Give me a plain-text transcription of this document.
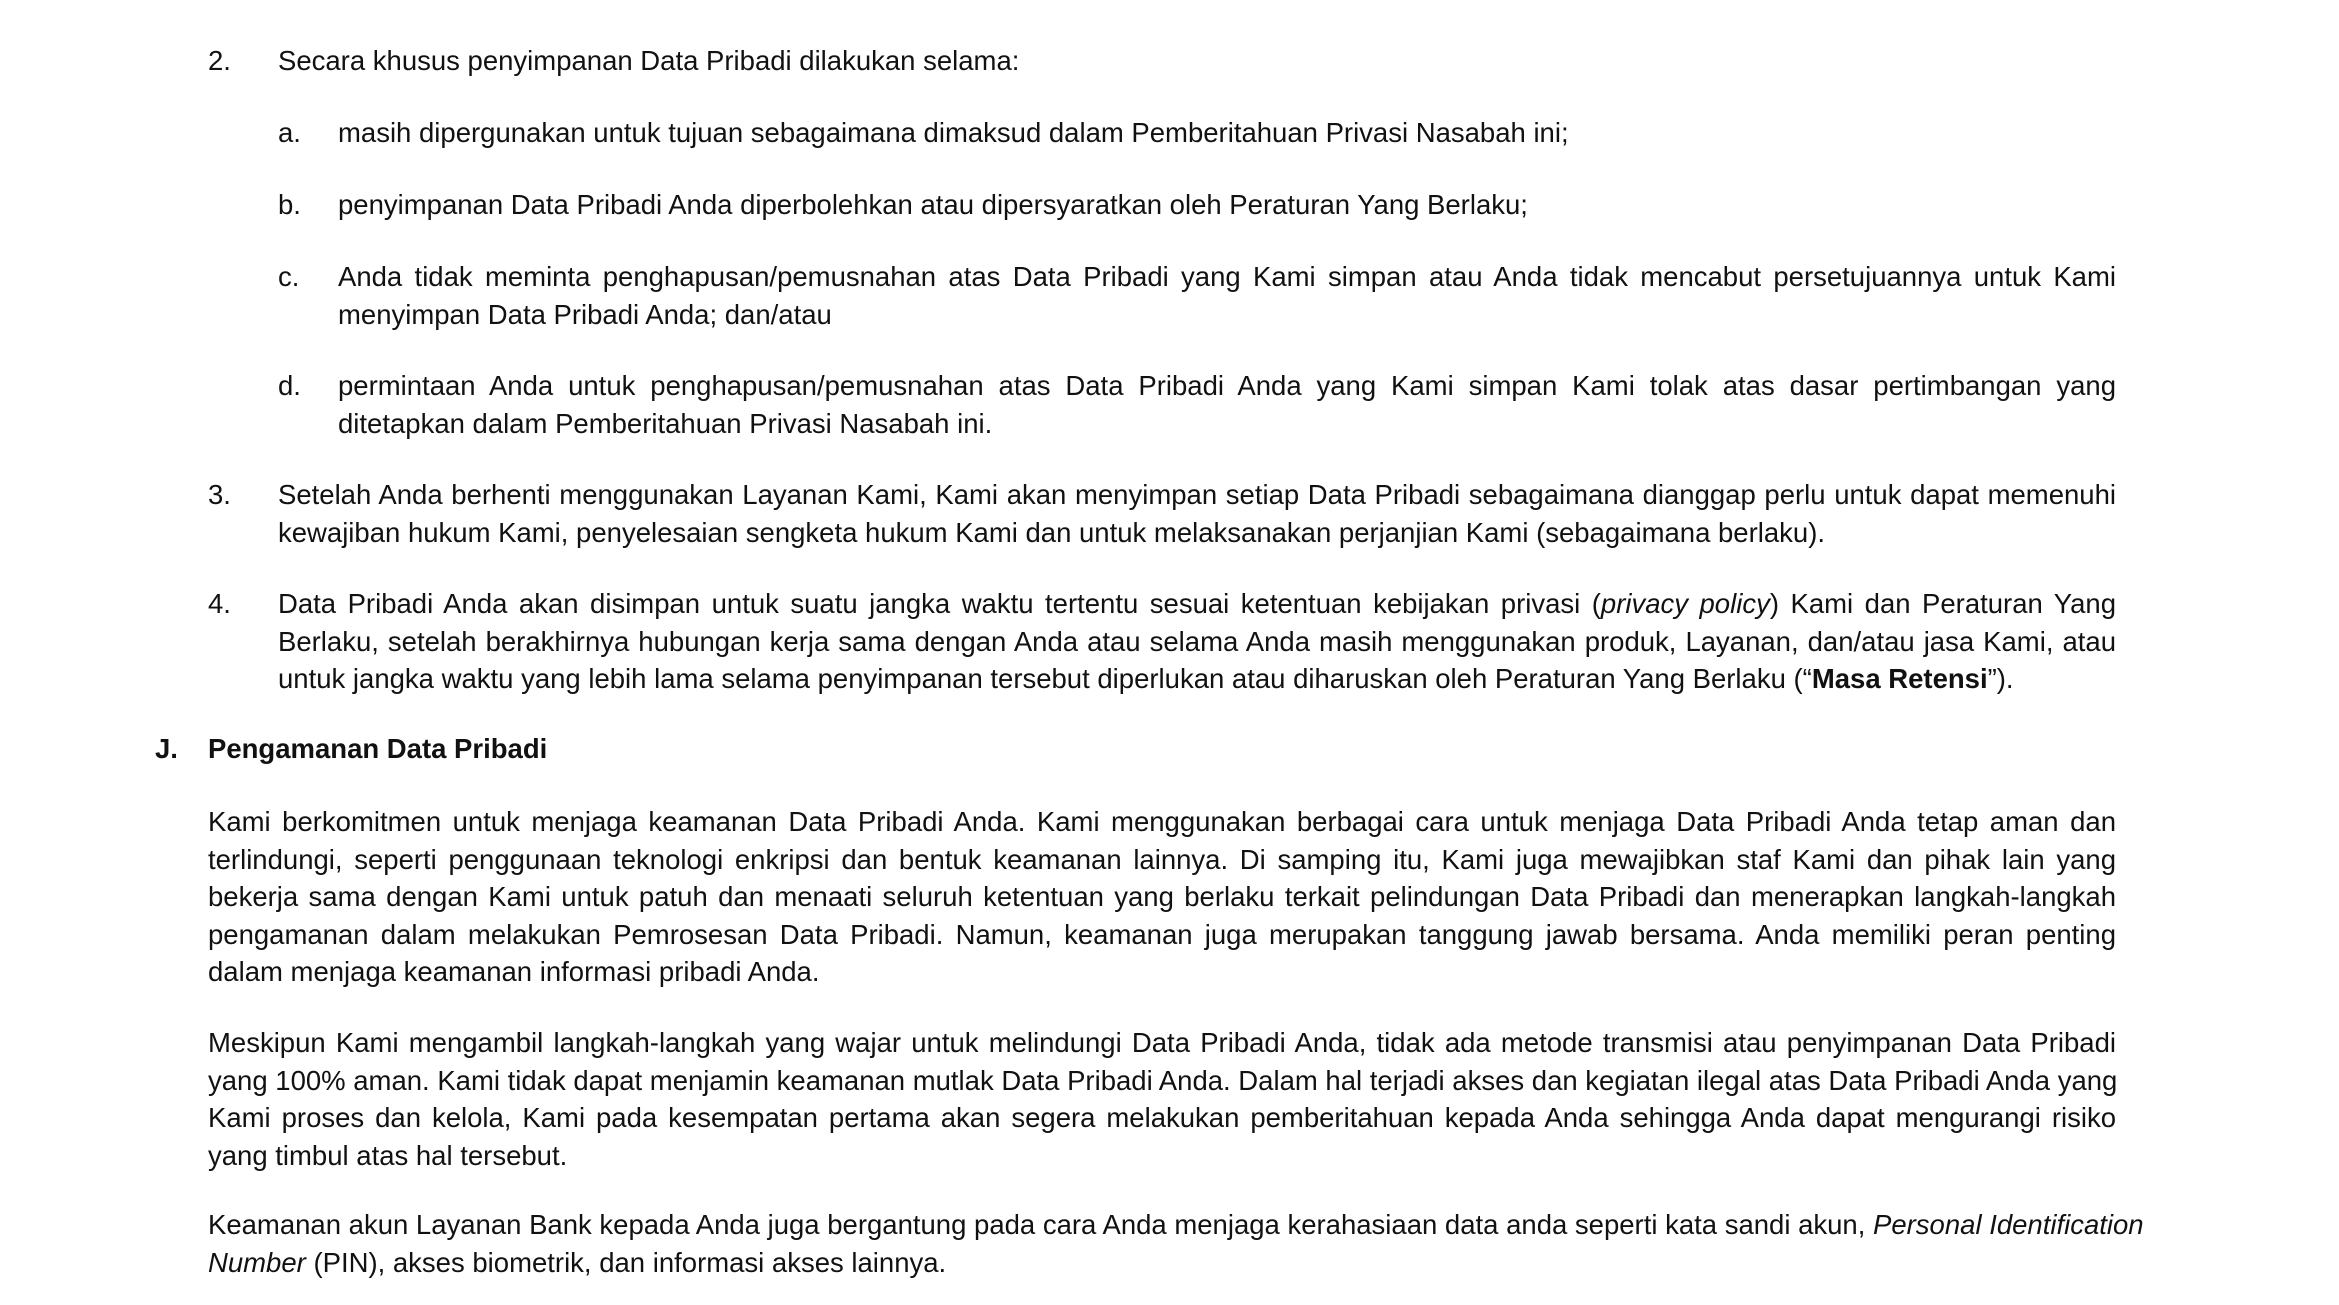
2. Secara khusus penyimpanan Data Pribadi dilakukan selama:
a. masih dipergunakan untuk tujuan sebagaimana dimaksud dalam Pemberitahuan Privasi Nasabah ini;
b. penyimpanan Data Pribadi Anda diperbolehkan atau dipersyaratkan oleh Peraturan Yang Berlaku;
c. Anda tidak meminta penghapusan/pemusnahan atas Data Pribadi yang Kami simpan atau Anda tidak mencabut persetujuannya untuk Kami
menyimpan Data Pribadi Anda; dan/atau
d. permintaan Anda untuk penghapusan/pemusnahan atas Data Pribadi Anda yang Kami simpan Kami tolak atas dasar pertimbangan yang
ditetapkan dalam Pemberitahuan Privasi Nasabah ini.
3. Setelah Anda berhenti menggunakan Layanan Kami, Kami akan menyimpan setiap Data Pribadi sebagaimana dianggap perlu untuk dapat memenuhi
kewajiban hukum Kami, penyelesaian sengketa hukum Kami dan untuk melaksanakan perjanjian Kami (sebagaimana berlaku).
4. Data Pribadi Anda akan disimpan untuk suatu jangka waktu tertentu sesuai ketentuan kebijakan privasi (privacy policy) Kami dan Peraturan Yang
Berlaku, setelah berakhirnya hubungan kerja sama dengan Anda atau selama Anda masih menggunakan produk, Layanan, dan/atau jasa Kami, atau
untuk jangka waktu yang lebih lama selama penyimpanan tersebut diperlukan atau diharuskan oleh Peraturan Yang Berlaku (“Masa Retensi”).
J. Pengamanan Data Pribadi
Kami berkomitmen untuk menjaga keamanan Data Pribadi Anda. Kami menggunakan berbagai cara untuk menjaga Data Pribadi Anda tetap aman dan
terlindungi, seperti penggunaan teknologi enkripsi dan bentuk keamanan lainnya. Di samping itu, Kami juga mewajibkan staf Kami dan pihak lain yang
bekerja sama dengan Kami untuk patuh dan menaati seluruh ketentuan yang berlaku terkait pelindungan Data Pribadi dan menerapkan langkah-langkah
pengamanan dalam melakukan Pemrosesan Data Pribadi. Namun, keamanan juga merupakan tanggung jawab bersama. Anda memiliki peran penting
dalam menjaga keamanan informasi pribadi Anda.
Meskipun Kami mengambil langkah-langkah yang wajar untuk melindungi Data Pribadi Anda, tidak ada metode transmisi atau penyimpanan Data Pribadi
yang 100% aman. Kami tidak dapat menjamin keamanan mutlak Data Pribadi Anda. Dalam hal terjadi akses dan kegiatan ilegal atas Data Pribadi Anda yang
Kami proses dan kelola, Kami pada kesempatan pertama akan segera melakukan pemberitahuan kepada Anda sehingga Anda dapat mengurangi risiko
yang timbul atas hal tersebut.
Keamanan akun Layanan Bank kepada Anda juga bergantung pada cara Anda menjaga kerahasiaan data anda seperti kata sandi akun, Personal Identification
Number (PIN), akses biometrik, dan informasi akses lainnya.
